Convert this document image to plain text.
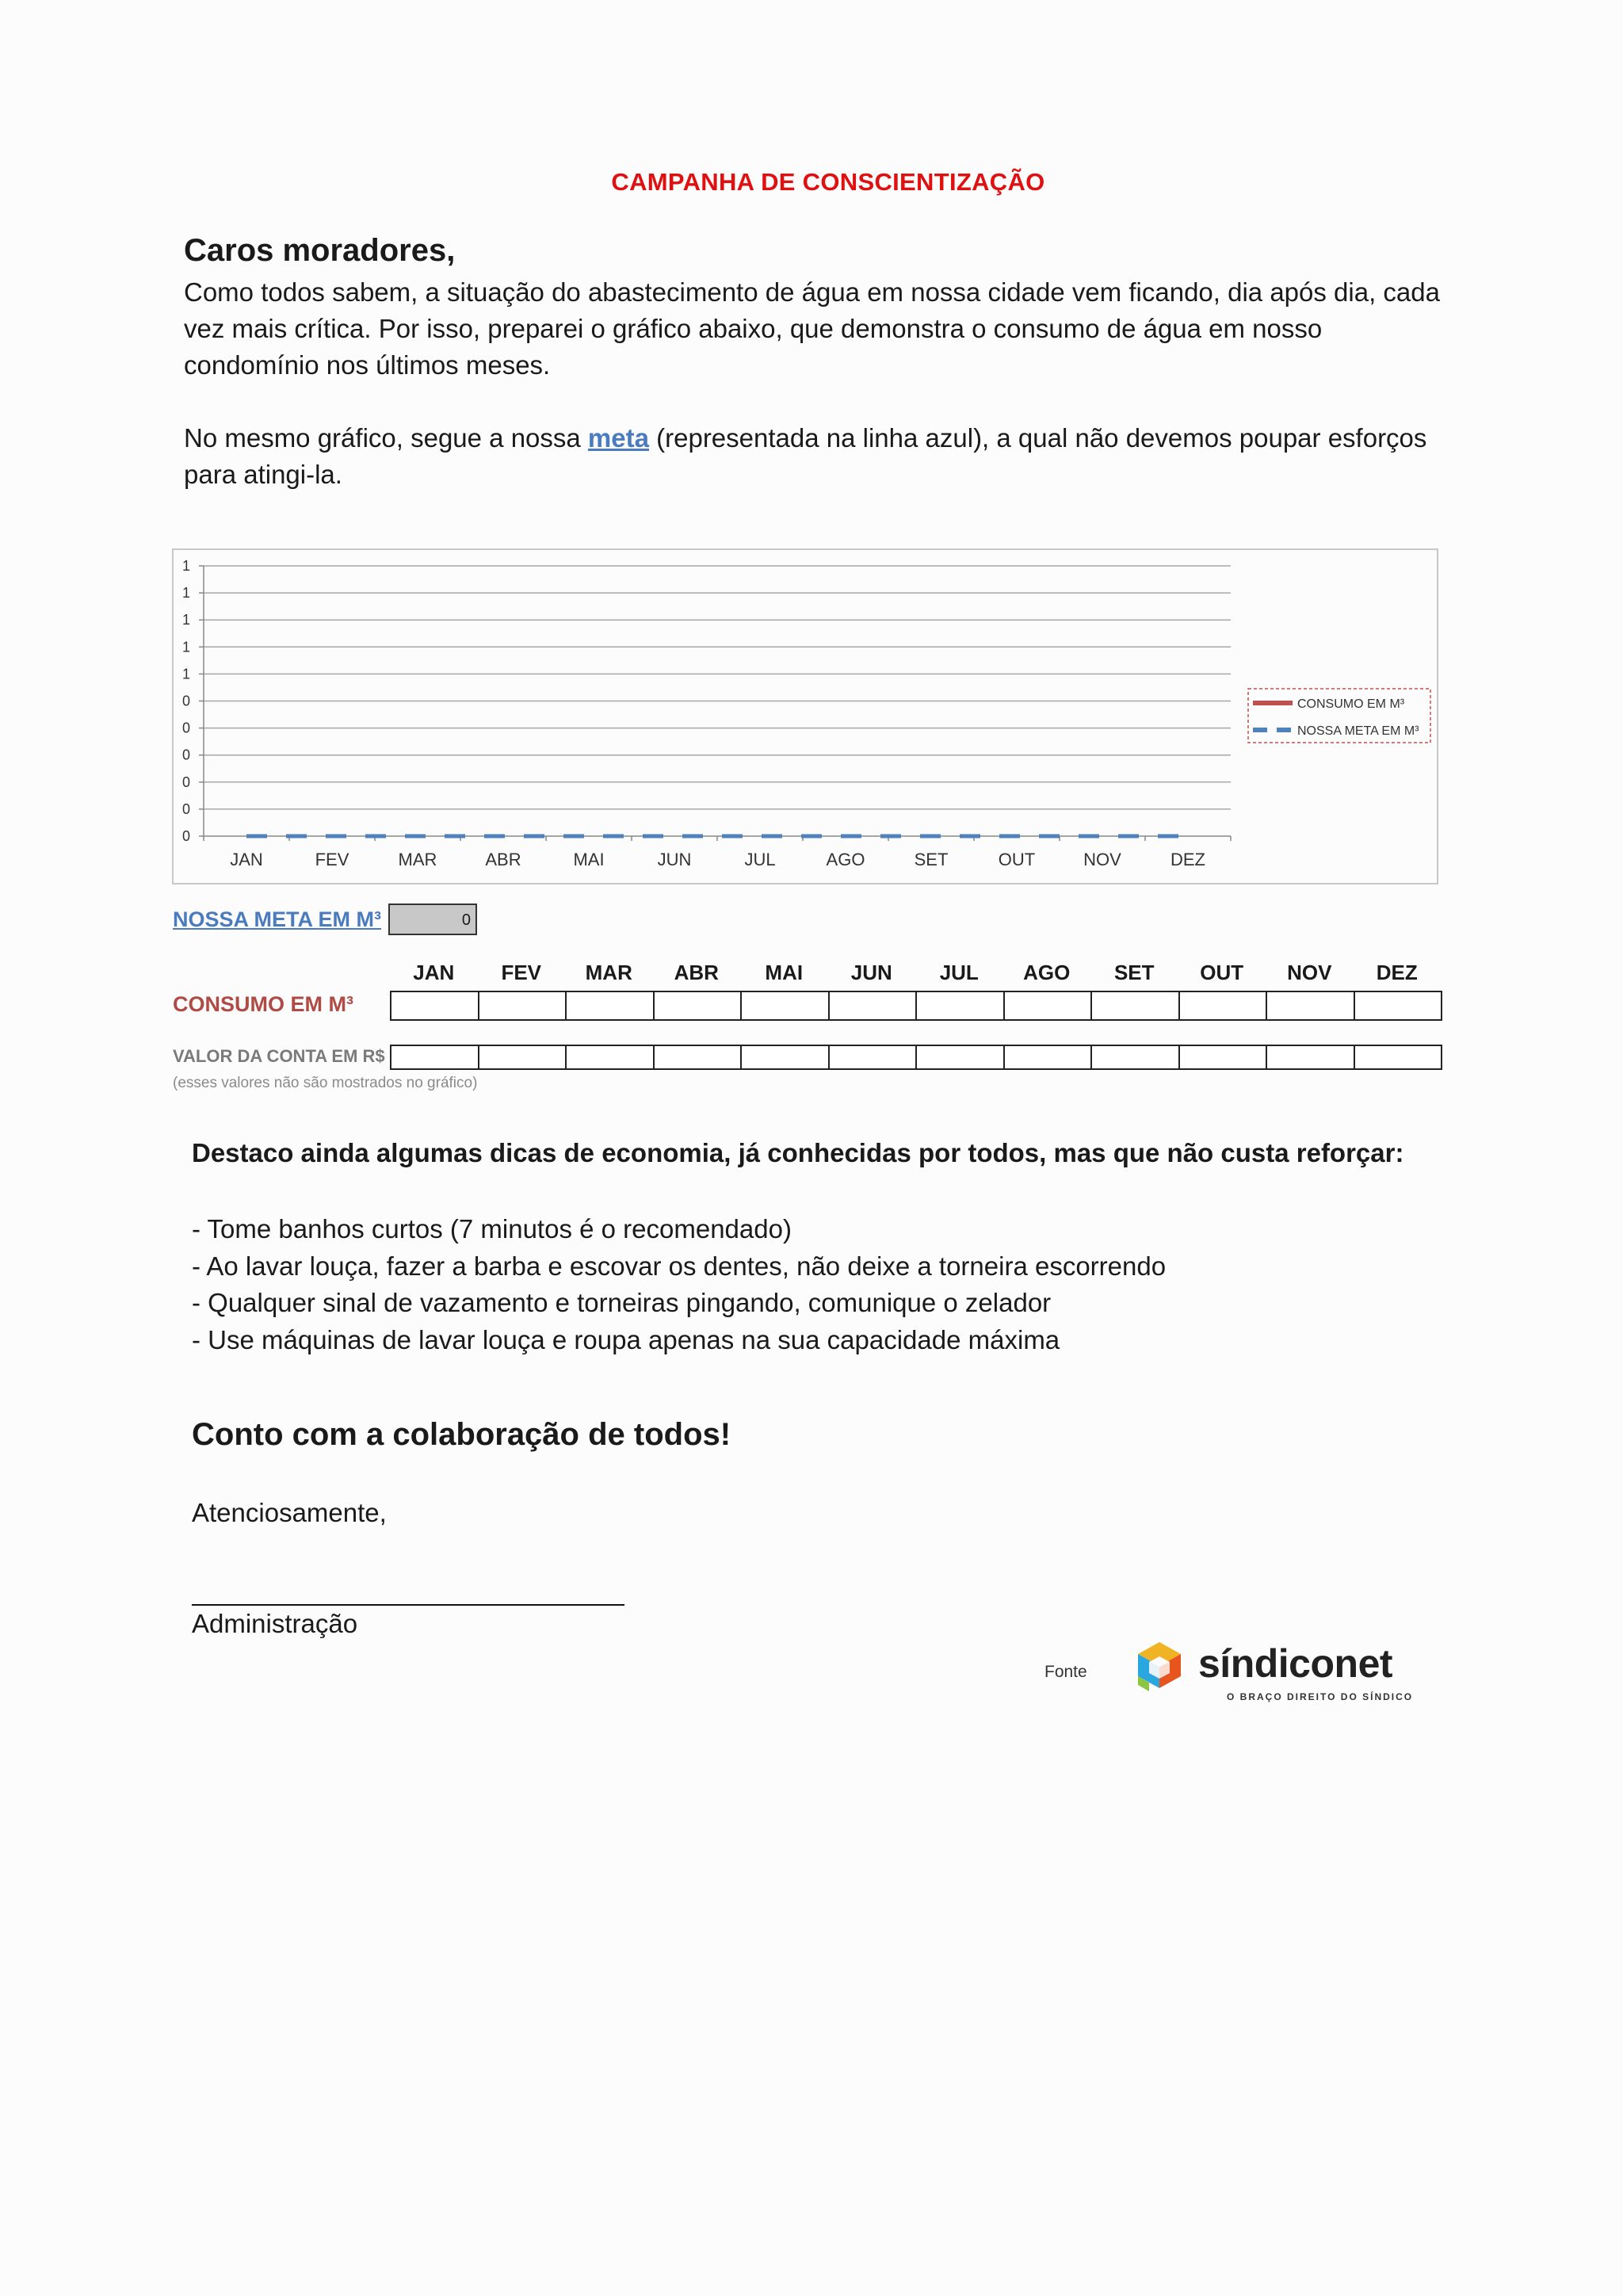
CAMPANHA DE CONSCIENTIZAÇÃO
Caros moradores,
Como todos sabem, a situação do abastecimento de água em nossa cidade vem ficando, dia após dia, cada vez mais crítica. Por isso, preparei o gráfico abaixo, que demonstra o consumo de água em nosso condomínio nos últimos meses.
No mesmo gráfico, segue a nossa meta (representada na linha azul), a qual não devemos poupar esforços para atingi-la.
0
0
0
0
0
0
1
1
1
1
1
JAN	FEV	MAR	ABR	MAI	JUN	JUL	AGO	SET	OUT	NOV	DEZ
CONSUMO EM M³
NOSSA META EM M³
NOSSA META EM M³	0
JAN	FEV	MAR	ABR	MAI	JUN	JUL	AGO	SET	OUT	NOV	DEZ
CONSUMO EM M³
VALOR DA CONTA EM R$
(esses valores não são mostrados no gráfico)
Destaco ainda algumas dicas de economia, já conhecidas por todos, mas que não custa reforçar:
- Tome banhos curtos (7 minutos é o recomendado)
- Ao lavar louça, fazer a barba e escovar os dentes, não deixe a torneira escorrendo
- Qualquer sinal de vazamento e torneiras pingando, comunique o zelador
- Use máquinas de lavar louça e roupa apenas na sua capacidade máxima
Conto com a colaboração de todos!
Atenciosamente,
Administração
Fonte	síndiconet
O BRAÇO DIREITO DO SÍNDICO
